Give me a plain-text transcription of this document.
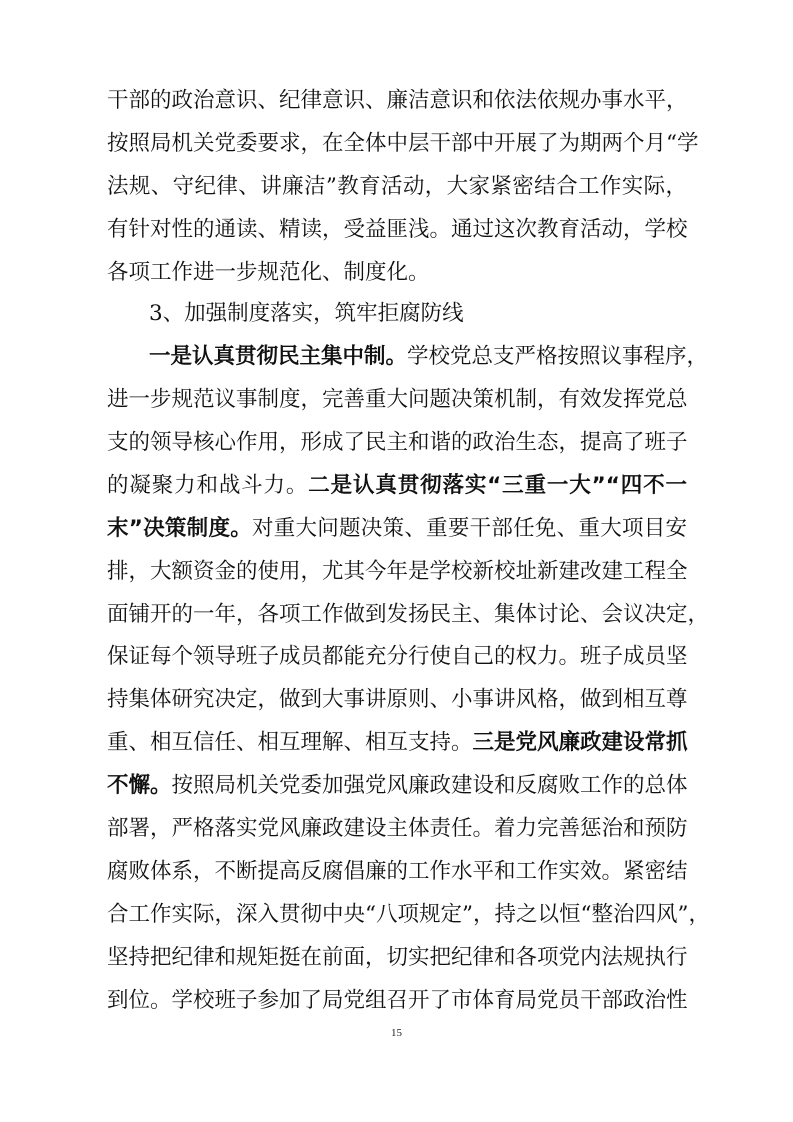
干部的政治意识、纪律意识、廉洁意识和依法依规办事水平，
按照局机关党委要求，在全体中层干部中开展了为期两个月“学
法规、守纪律、讲廉洁”教育活动，大家紧密结合工作实际，
有针对性的通读、精读，受益匪浅。通过这次教育活动，学校
各项工作进一步规范化、制度化。
3、加强制度落实，筑牢拒腐防线
一是认真贯彻民主集中制。学校党总支严格按照议事程序，
进一步规范议事制度，完善重大问题决策机制，有效发挥党总
支的领导核心作用，形成了民主和谐的政治生态，提高了班子
的凝聚力和战斗力。二是认真贯彻落实“三重一大”“四不一
末”决策制度。对重大问题决策、重要干部任免、重大项目安
排，大额资金的使用，尤其今年是学校新校址新建改建工程全
面铺开的一年，各项工作做到发扬民主、集体讨论、会议决定，
保证每个领导班子成员都能充分行使自己的权力。班子成员坚
持集体研究决定，做到大事讲原则、小事讲风格，做到相互尊
重、相互信任、相互理解、相互支持。三是党风廉政建设常抓
不懈。按照局机关党委加强党风廉政建设和反腐败工作的总体
部署，严格落实党风廉政建设主体责任。着力完善惩治和预防
腐败体系，不断提高反腐倡廉的工作水平和工作实效。紧密结
合工作实际，深入贯彻中央“八项规定”，持之以恒“整治四风”，
坚持把纪律和规矩挺在前面，切实把纪律和各项党内法规执行
到位。学校班子参加了局党组召开了市体育局党员干部政治性
15
